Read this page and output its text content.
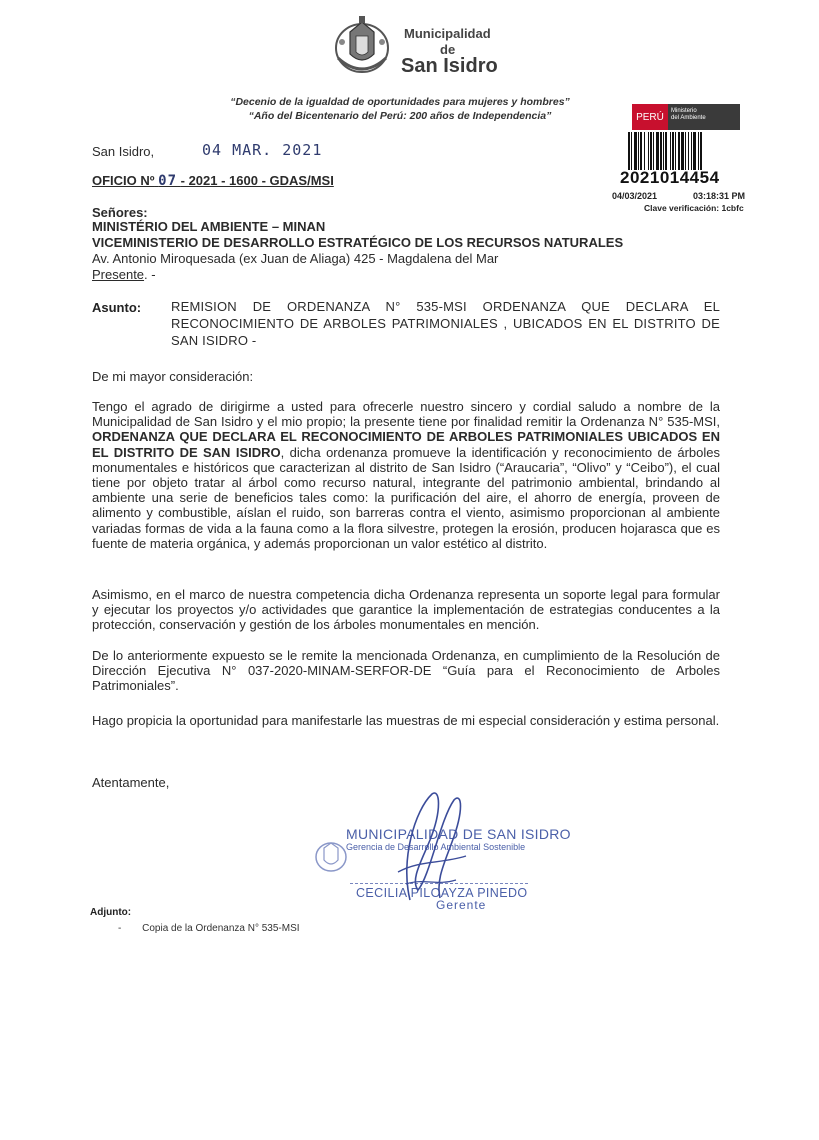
Municipalidad
de
San Isidro
“Decenio de la igualdad de oportunidades para mujeres y hombres”
“Año del Bicentenario del Perú: 200 años de Independencia”	PERÚ
Ministerio
del Ambiente
2021014454
04/03/2021	03:18:31 PM
Clave verificación: 1cbfc
San Isidro,	04 MAR. 2021
OFICIO Nº 07 - 2021 - 1600 - GDAS/MSI
Señores:
MINISTÉRIO DEL AMBIENTE – MINAN
VICEMINISTERIO DE DESARROLLO ESTRATÉGICO DE LOS RECURSOS NATURALES
Av. Antonio Miroquesada (ex Juan de Aliaga) 425 - Magdalena del Mar
Presente. -
Asunto: REMISION DE ORDENANZA N° 535-MSI ORDENANZA QUE DECLARA EL RECONOCIMIENTO DE ARBOLES PATRIMONIALES , UBICADOS EN EL DISTRITO DE SAN ISIDRO -
De mi mayor consideración:
Tengo el agrado de dirigirme a usted para ofrecerle nuestro sincero y cordial saludo a nombre de la Municipalidad de San Isidro y el mio propio; la presente tiene por finalidad remitir la Ordenanza N° 535-MSI, ORDENANZA QUE DECLARA EL RECONOCIMIENTO DE ARBOLES PATRIMONIALES UBICADOS EN EL DISTRITO DE SAN ISIDRO, dicha ordenanza promueve la identificación y reconocimiento de árboles monumentales e históricos que caracterizan al distrito de San Isidro (“Araucaria”, “Olivo” y “Ceibo”), el cual tiene por objeto tratar al árbol como recurso natural, integrante del patrimonio ambiental, brindando al ambiente una serie de beneficios tales como: la purificación del aire, el ahorro de energía, proveen de alimento y combustible, aíslan el ruido, son barreras contra el viento, asimismo proporcionan al ambiente variadas formas de vida a la fauna como a la flora silvestre, protegen la erosión, producen hojarasca que es fuente de materia orgánica, y además proporcionan un valor estético al distrito.
Asimismo, en el marco de nuestra competencia dicha Ordenanza representa un soporte legal para formular y ejecutar los proyectos y/o actividades que garantice la implementación de estrategias conducentes a la protección, conservación y gestión de los árboles monumentales en mención.
De lo anteriormente expuesto se le remite la mencionada Ordenanza, en cumplimiento de la Resolución de Dirección Ejecutiva N° 037-2020-MINAM-SERFOR-DE “Guía para el Reconocimiento de Arboles Patrimoniales”.
Hago propicia la oportunidad para manifestarle las muestras de mi especial consideración y estima personal.
Atentamente,
MUNICIPALIDAD DE SAN ISIDRO
Gerencia de Desarrollo Ambiental Sostenible
CECILIA PILOAYZA PINEDO
Gerente
Adjunto:
- Copia de la Ordenanza N° 535-MSI
